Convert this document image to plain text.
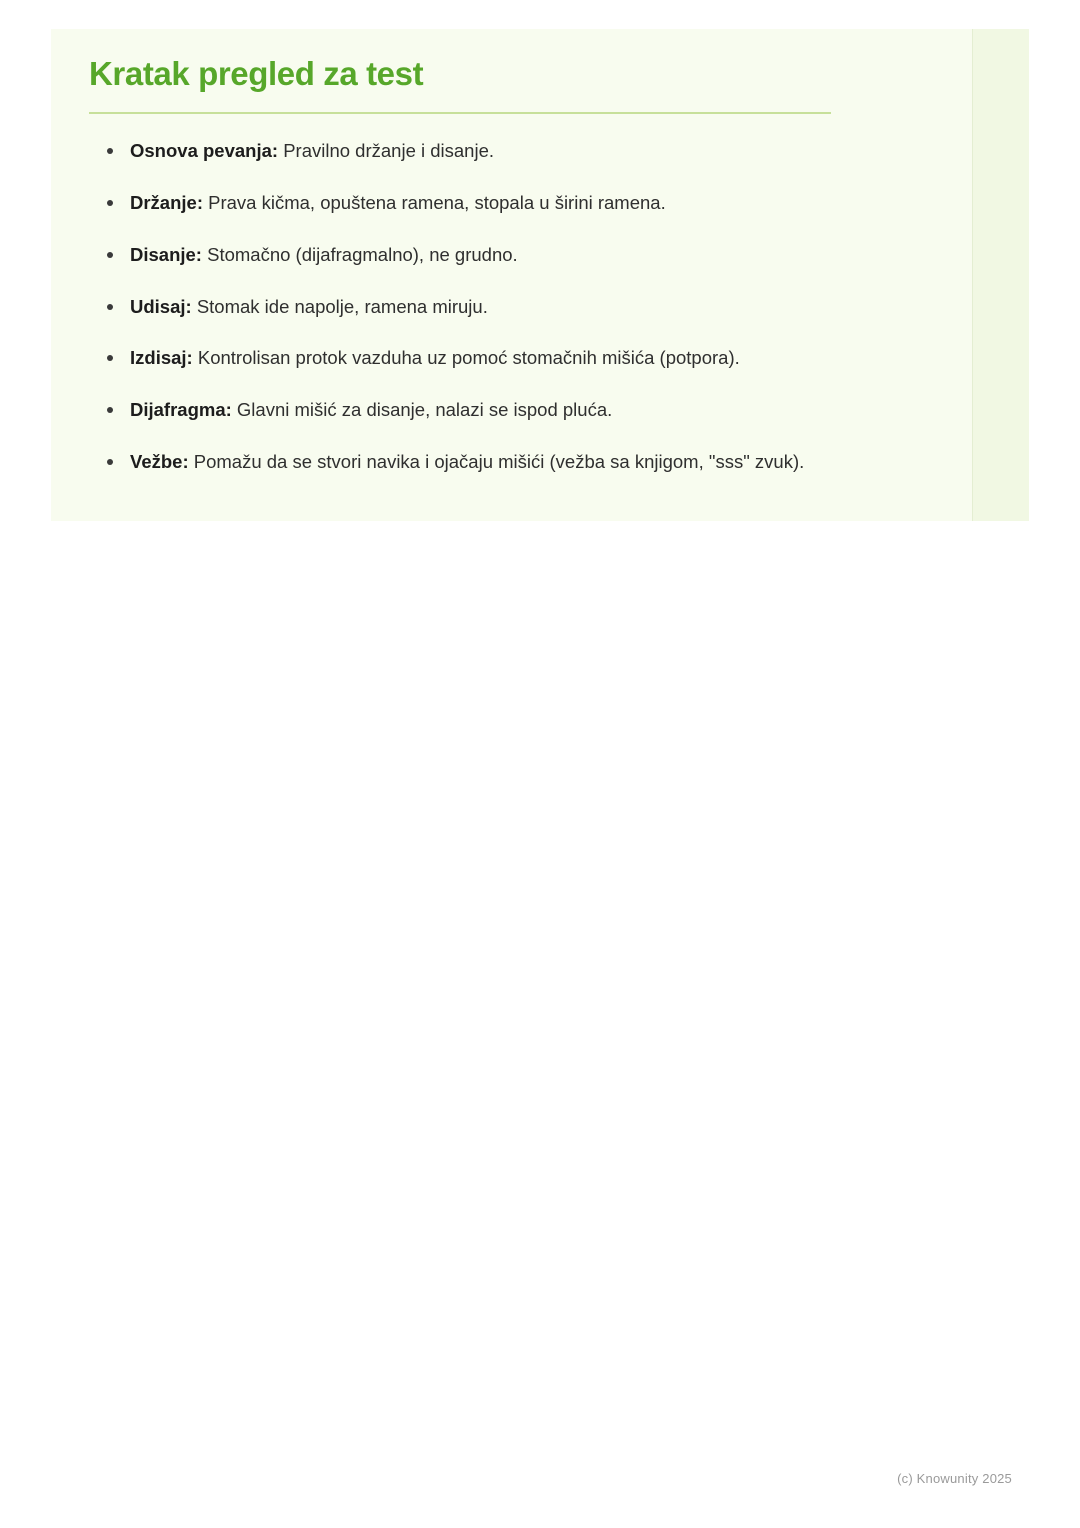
Kratak pregled za test
Osnova pevanja: Pravilno držanje i disanje.
Držanje: Prava kičma, opuštena ramena, stopala u širini ramena.
Disanje: Stomačno (dijafragmalno), ne grudno.
Udisaj: Stomak ide napolje, ramena miruju.
Izdisaj: Kontrolisan protok vazduha uz pomoć stomačnih mišića (potpora).
Dijafragma: Glavni mišić za disanje, nalazi se ispod pluća.
Vežbe: Pomažu da se stvori navika i ojačaju mišići (vežba sa knjigom, "sss" zvuk).
(c) Knowunity 2025
